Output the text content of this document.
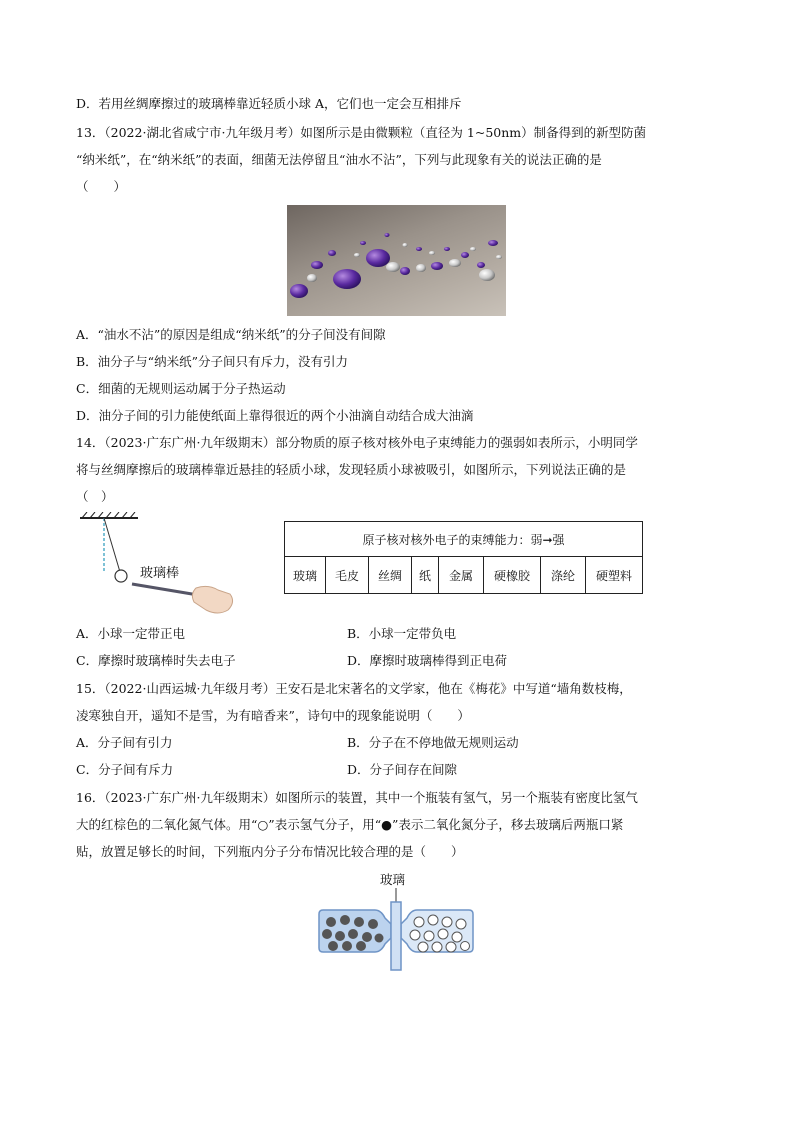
D．若用丝绸摩擦过的玻璃棒靠近轻质小球 A，它们也一定会互相排斥
13．（2022·湖北省咸宁市·九年级月考）如图所示是由微颗粒（直径为 1~50nm）制备得到的新型防菌
“纳米纸”，在“纳米纸”的表面，细菌无法停留且“油水不沾”，下列与此现象有关的说法正确的是
（　　）
A．“油水不沾”的原因是组成“纳米纸”的分子间没有间隙
B．油分子与“纳米纸”分子间只有斥力，没有引力
C．细菌的无规则运动属于分子热运动
D．油分子间的引力能使纸面上靠得很近的两个小油滴自动结合成大油滴
14．（2023·广东广州·九年级期末）部分物质的原子核对核外电子束缚能力的强弱如表所示，小明同学
将与丝绸摩擦后的玻璃棒靠近悬挂的轻质小球，发现轻质小球被吸引，如图所示，下列说法正确的是
（　）
玻璃棒
原子核对核外电子的束缚能力：弱➞强
玻璃	毛皮	丝绸	纸	金属	硬橡胶	涤纶	硬塑料
A．小球一定带正电	B．小球一定带负电
C．摩擦时玻璃棒时失去电子	D．摩擦时玻璃棒得到正电荷
15．（2022·山西运城·九年级月考）王安石是北宋著名的文学家，他在《梅花》中写道“墙角数枝梅，
凌寒独自开，遥知不是雪，为有暗香来”，诗句中的现象能说明（　　）
A．分子间有引力	B．分子在不停地做无规则运动
C．分子间有斥力	D．分子间存在间隙
16．（2023·广东广州·九年级期末）如图所示的装置，其中一个瓶装有氢气，另一个瓶装有密度比氢气
大的红棕色的二氧化氮气体。用“○”表示氢气分子，用“●”表示二氧化氮分子，移去玻璃后两瓶口紧
贴，放置足够长的时间，下列瓶内分子分布情况比较合理的是（　　）
玻璃
